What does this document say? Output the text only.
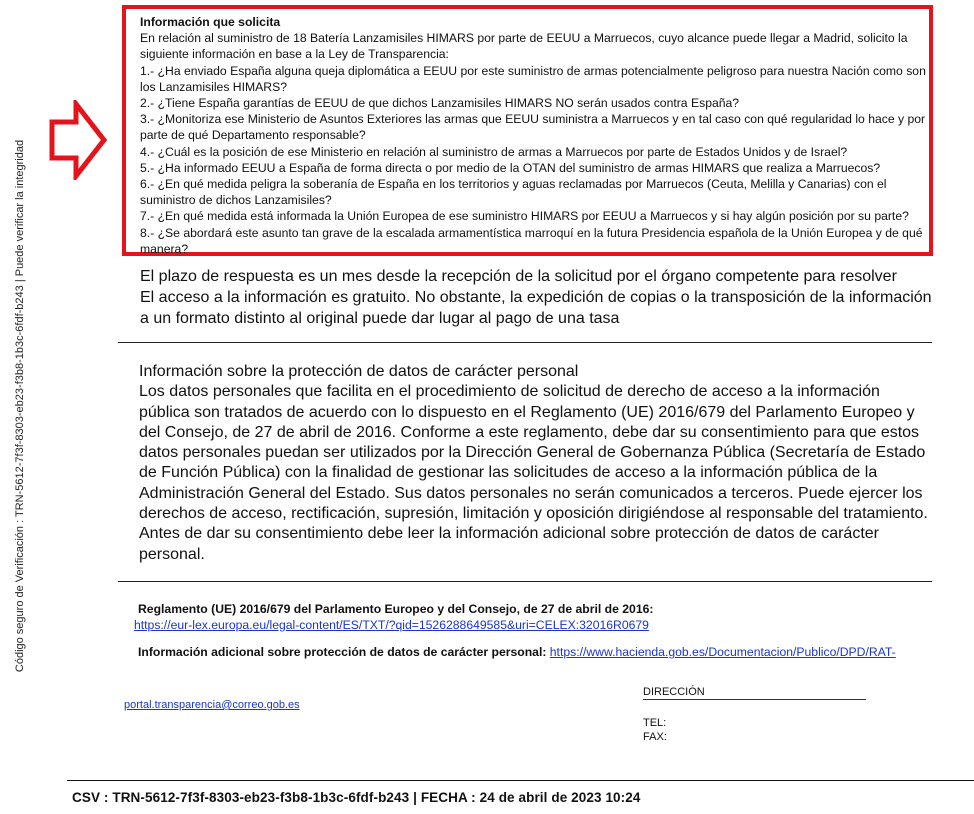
Código seguro de Verificación : TRN-5612-7f3f-8303-eb23-f3b8-1b3c-6fdf-b243 | Puede verificar la integridad

Información que solicita

En relación al suministro de 18 Batería Lanzamisiles HIMARS por parte de EEUU a Marruecos, cuyo alcance puede llegar a Madrid, solicito la siguiente información en base a la Ley de Transparencia:

1.- ¿Ha enviado España alguna queja diplomática a EEUU por este suministro de armas potencialmente peligroso para nuestra Nación como son los Lanzamisiles HIMARS?

2.- ¿Tiene España garantías de EEUU de que dichos Lanzamisiles HIMARS NO serán usados contra España?

3.- ¿Monitoriza ese Ministerio de Asuntos Exteriores las armas que EEUU suministra a Marruecos y en tal caso con qué regularidad lo hace y por parte de qué Departamento responsable?

4.- ¿Cuál es la posición de ese Ministerio en relación al suministro de armas a Marruecos por parte de Estados Unidos y de Israel?

5.- ¿Ha informado EEUU a España de forma directa o por medio de la OTAN del suministro de armas HIMARS que realiza a Marruecos?

6.- ¿En qué medida peligra la soberanía de España en los territorios y aguas reclamadas por Marruecos (Ceuta, Melilla y Canarias) con el suministro de dichos Lanzamisiles?

7.- ¿En qué medida está informada la Unión Europea de ese suministro HIMARS por EEUU a Marruecos y si hay algún posición por su parte?

8.- ¿Se abordará este asunto tan grave de la escalada armamentística marroquí en la futura Presidencia española de la Unión Europea y de qué manera?

El plazo de respuesta es un mes desde la recepción de la solicitud por el órgano competente para resolver

El acceso a la información es gratuito. No obstante, la expedición de copias o la transposición de la información a un formato distinto al original puede dar lugar al pago de una tasa

Información sobre la protección de datos de carácter personal

Los datos personales que facilita en el procedimiento de solicitud de derecho de acceso a la información pública son tratados de acuerdo con lo dispuesto en el Reglamento (UE) 2016/679 del Parlamento Europeo y del Consejo, de 27 de abril de 2016. Conforme a este reglamento, debe dar su consentimiento para que estos datos personales puedan ser utilizados por la Dirección General de Gobernanza Pública (Secretaría de Estado de Función Pública) con la finalidad de gestionar las solicitudes de acceso a la información pública de la Administración General del Estado. Sus datos personales no serán comunicados a terceros. Puede ejercer los derechos de acceso, rectificación, supresión, limitación y oposición dirigiéndose al responsable del tratamiento. Antes de dar su consentimiento debe leer la información adicional sobre protección de datos de carácter personal.

Reglamento (UE) 2016/679 del Parlamento Europeo y del Consejo, de 27 de abril de 2016:
https://eur-lex.europa.eu/legal-content/ES/TXT/?qid=1526288649585&uri=CELEX:32016R0679
Información adicional sobre protección de datos de carácter personal: https://www.hacienda.gob.es/Documentacion/Publico/DPD/RAT-
portal.transparencia@correo.gob.es
DIRECCIÓN
TEL:
FAX:
CSV : TRN-5612-7f3f-8303-eb23-f3b8-1b3c-6fdf-b243 | FECHA : 24 de abril de 2023 10:24
